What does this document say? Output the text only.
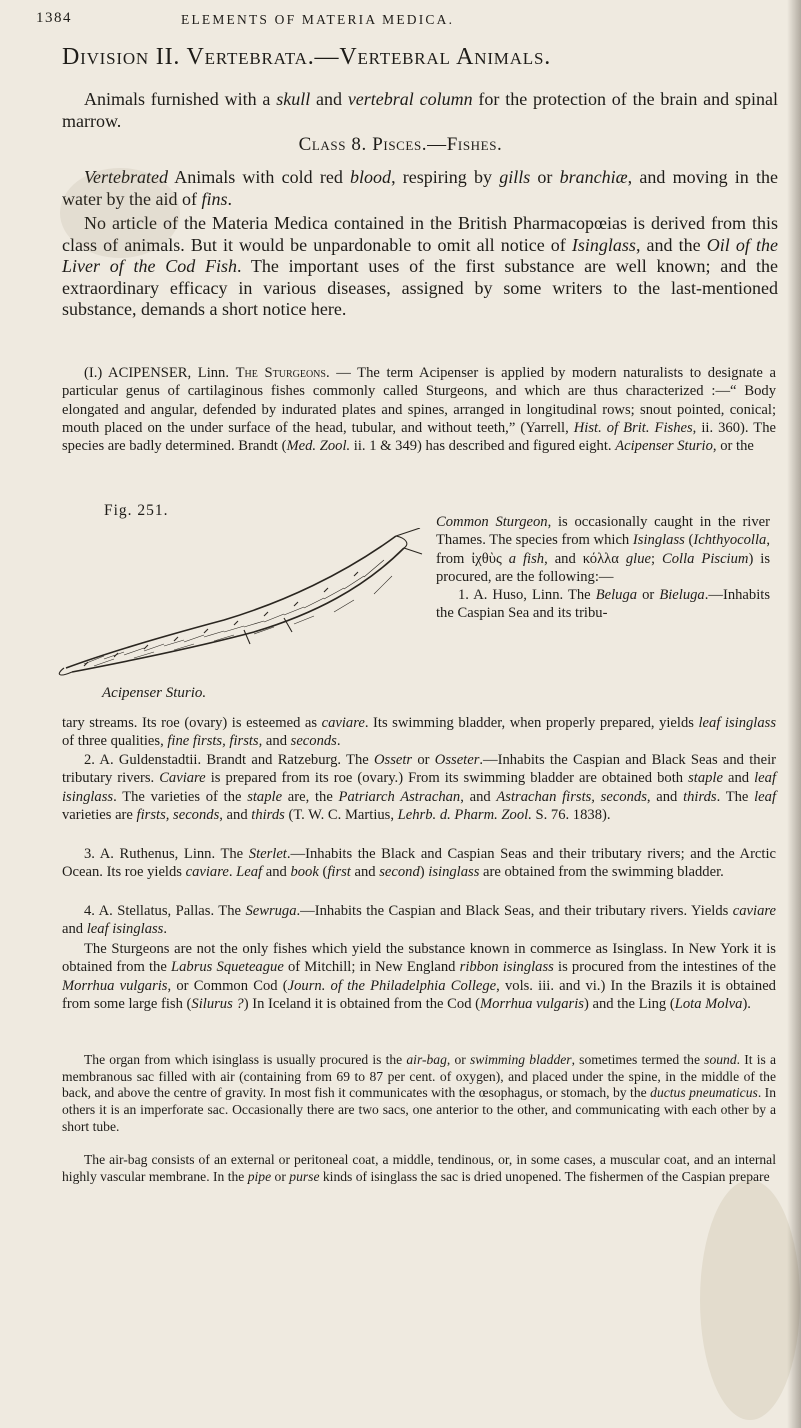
1384	ELEMENTS OF MATERIA MEDICA.
Division II. Vertebrata.—Vertebral Animals.

Animals furnished with a skull and vertebral column for the protection of the brain and spinal marrow.

Class 8. Pisces.—Fishes.

Vertebrated Animals with cold red blood, respiring by gills or branchiæ, and moving in the water by the aid of fins.

No article of the Materia Medica contained in the British Pharmacopœias is derived from this class of animals. But it would be unpardonable to omit all notice of Isinglass, and the Oil of the Liver of the Cod Fish. The important uses of the first substance are well known; and the extraordinary efficacy in various diseases, assigned by some writers to the last-mentioned substance, demands a short notice here.

(I.) ACIPENSER, Linn. The Sturgeons. — The term Acipenser is applied by modern naturalists to designate a particular genus of cartilaginous fishes commonly called Sturgeons, and which are thus characterized :—“ Body elongated and angular, defended by indurated plates and spines, arranged in longitudinal rows; snout pointed, conical; mouth placed on the under surface of the head, tubular, and without teeth,” (Yarrell, Hist. of Brit. Fishes, ii. 360). The species are badly determined. Brandt (Med. Zool. ii. 1 & 349) has described and figured eight. Acipenser Sturio, or the

Fig. 251.
Acipenser Sturio.

Common Sturgeon, is occasionally caught in the river Thames. The species from which Isinglass (Ichthyocolla, from ἰχθὺς a fish, and κόλλα glue; Colla Piscium) is procured, are the following:—

1. A. Huso, Linn. The Beluga or Bieluga.—Inhabits the Caspian Sea and its tribu-

tary streams. Its roe (ovary) is esteemed as caviare. Its swimming bladder, when properly prepared, yields leaf isinglass of three qualities, fine firsts, firsts, and seconds.

2. A. Guldenstadtii. Brandt and Ratzeburg. The Ossetr or Osseter.—Inhabits the Caspian and Black Seas and their tributary rivers. Caviare is prepared from its roe (ovary.) From its swimming bladder are obtained both staple and leaf isinglass. The varieties of the staple are, the Patriarch Astrachan, and Astrachan firsts, seconds, and thirds. The leaf varieties are firsts, seconds, and thirds (T. W. C. Martius, Lehrb. d. Pharm. Zool. S. 76. 1838).

3. A. Ruthenus, Linn. The Sterlet.—Inhabits the Black and Caspian Seas and their tributary rivers; and the Arctic Ocean. Its roe yields caviare. Leaf and book (first and second) isinglass are obtained from the swimming bladder.

4. A. Stellatus, Pallas. The Sewruga.—Inhabits the Caspian and Black Seas, and their tributary rivers. Yields caviare and leaf isinglass.

The Sturgeons are not the only fishes which yield the substance known in commerce as Isinglass. In New York it is obtained from the Labrus Squeteague of Mitchill; in New England ribbon isinglass is procured from the intestines of the Morrhua vulgaris, or Common Cod (Journ. of the Philadelphia College, vols. iii. and vi.) In the Brazils it is obtained from some large fish (Silurus ?) In Iceland it is obtained from the Cod (Morrhua vulgaris) and the Ling (Lota Molva).

The organ from which isinglass is usually procured is the air-bag, or swimming bladder, sometimes termed the sound. It is a membranous sac filled with air (containing from 69 to 87 per cent. of oxygen), and placed under the spine, in the middle of the back, and above the centre of gravity. In most fish it communicates with the œsophagus, or stomach, by the ductus pneumaticus. In others it is an imperforate sac. Occasionally there are two sacs, one anterior to the other, and communicating with each other by a short tube.

The air-bag consists of an external or peritoneal coat, a middle, tendinous, or, in some cases, a muscular coat, and an internal highly vascular membrane. In the pipe or purse kinds of isinglass the sac is dried unopened. The fishermen of the Caspian prepare
